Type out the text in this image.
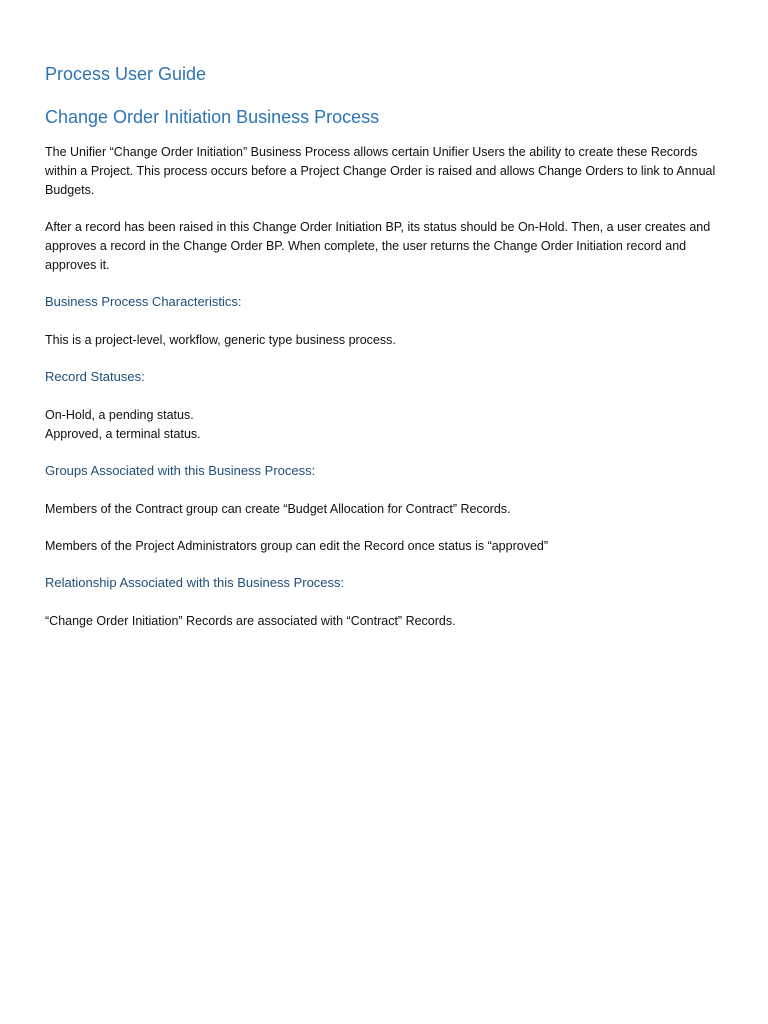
Process User Guide
Change Order Initiation Business Process
The Unifier “Change Order Initiation” Business Process allows certain Unifier Users the ability to create these Records within a Project. This process occurs before a Project Change Order is raised and allows Change Orders to link to Annual Budgets.
After a record has been raised in this Change Order Initiation BP, its status should be On-Hold. Then, a user creates and approves a record in the Change Order BP. When complete, the user returns the Change Order Initiation record and approves it.
Business Process Characteristics:
This is a project-level, workflow, generic type business process.
Record Statuses:
On-Hold, a pending status.
Approved, a terminal status.
Groups Associated with this Business Process:
Members of the Contract group can create “Budget Allocation for Contract” Records.
Members of the Project Administrators group can edit the Record once status is “approved”
Relationship Associated with this Business Process:
“Change Order Initiation” Records are associated with “Contract” Records.
